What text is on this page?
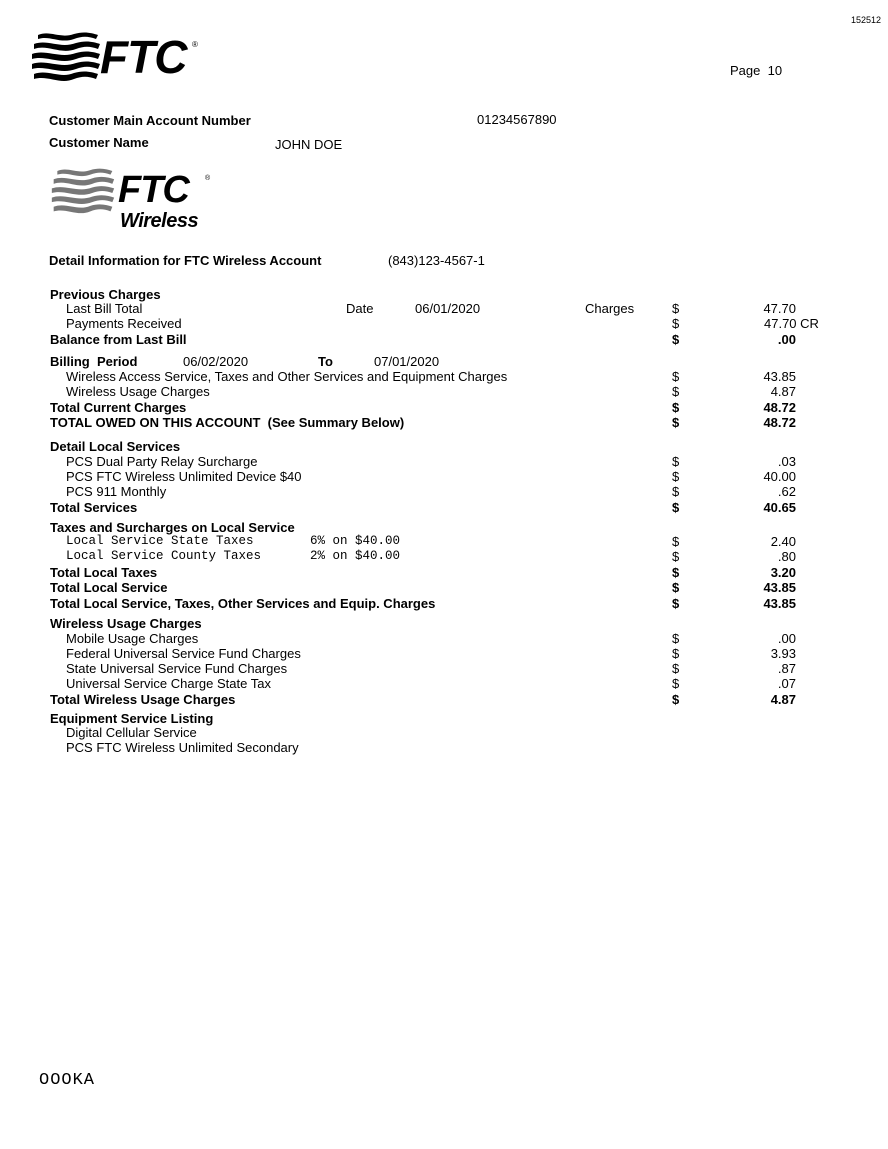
152512
FTC ®
Page 10
Customer Main Account Number	01234567890
Customer Name	JOHN DOE
FTC ®
Wireless
Detail Information for FTC Wireless Account	(843)123-4567-1
Previous Charges
Last Bill Total	Date	06/01/2020	Charges	$	47.70
Payments Received	$	47.70 CR
Balance from Last Bill	$	.00
Billing  Period	06/02/2020	To	07/01/2020
Wireless Access Service, Taxes and Other Services and Equipment Charges	$	43.85
Wireless Usage Charges	$	4.87
Total Current Charges	$	48.72
TOTAL OWED ON THIS ACCOUNT  (See Summary Below)	$	48.72
Detail Local Services
PCS Dual Party Relay Surcharge	$	.03
PCS FTC Wireless Unlimited Device $40	$	40.00
PCS 911 Monthly	$	.62
Total Services	$	40.65
Taxes and Surcharges on Local Service
Local Service State Taxes	6% on $40.00	$	2.40
Local Service County Taxes	2% on $40.00	$	.80
Total Local Taxes	$	3.20
Total Local Service	$	43.85
Total Local Service, Taxes, Other Services and Equip. Charges	$	43.85
Wireless Usage Charges
Mobile Usage Charges	$	.00
Federal Universal Service Fund Charges	$	3.93
State Universal Service Fund Charges	$	.87
Universal Service Charge State Tax	$	.07
Total Wireless Usage Charges	$	4.87
Equipment Service Listing
Digital Cellular Service
PCS FTC Wireless Unlimited Secondary
OOOKA
